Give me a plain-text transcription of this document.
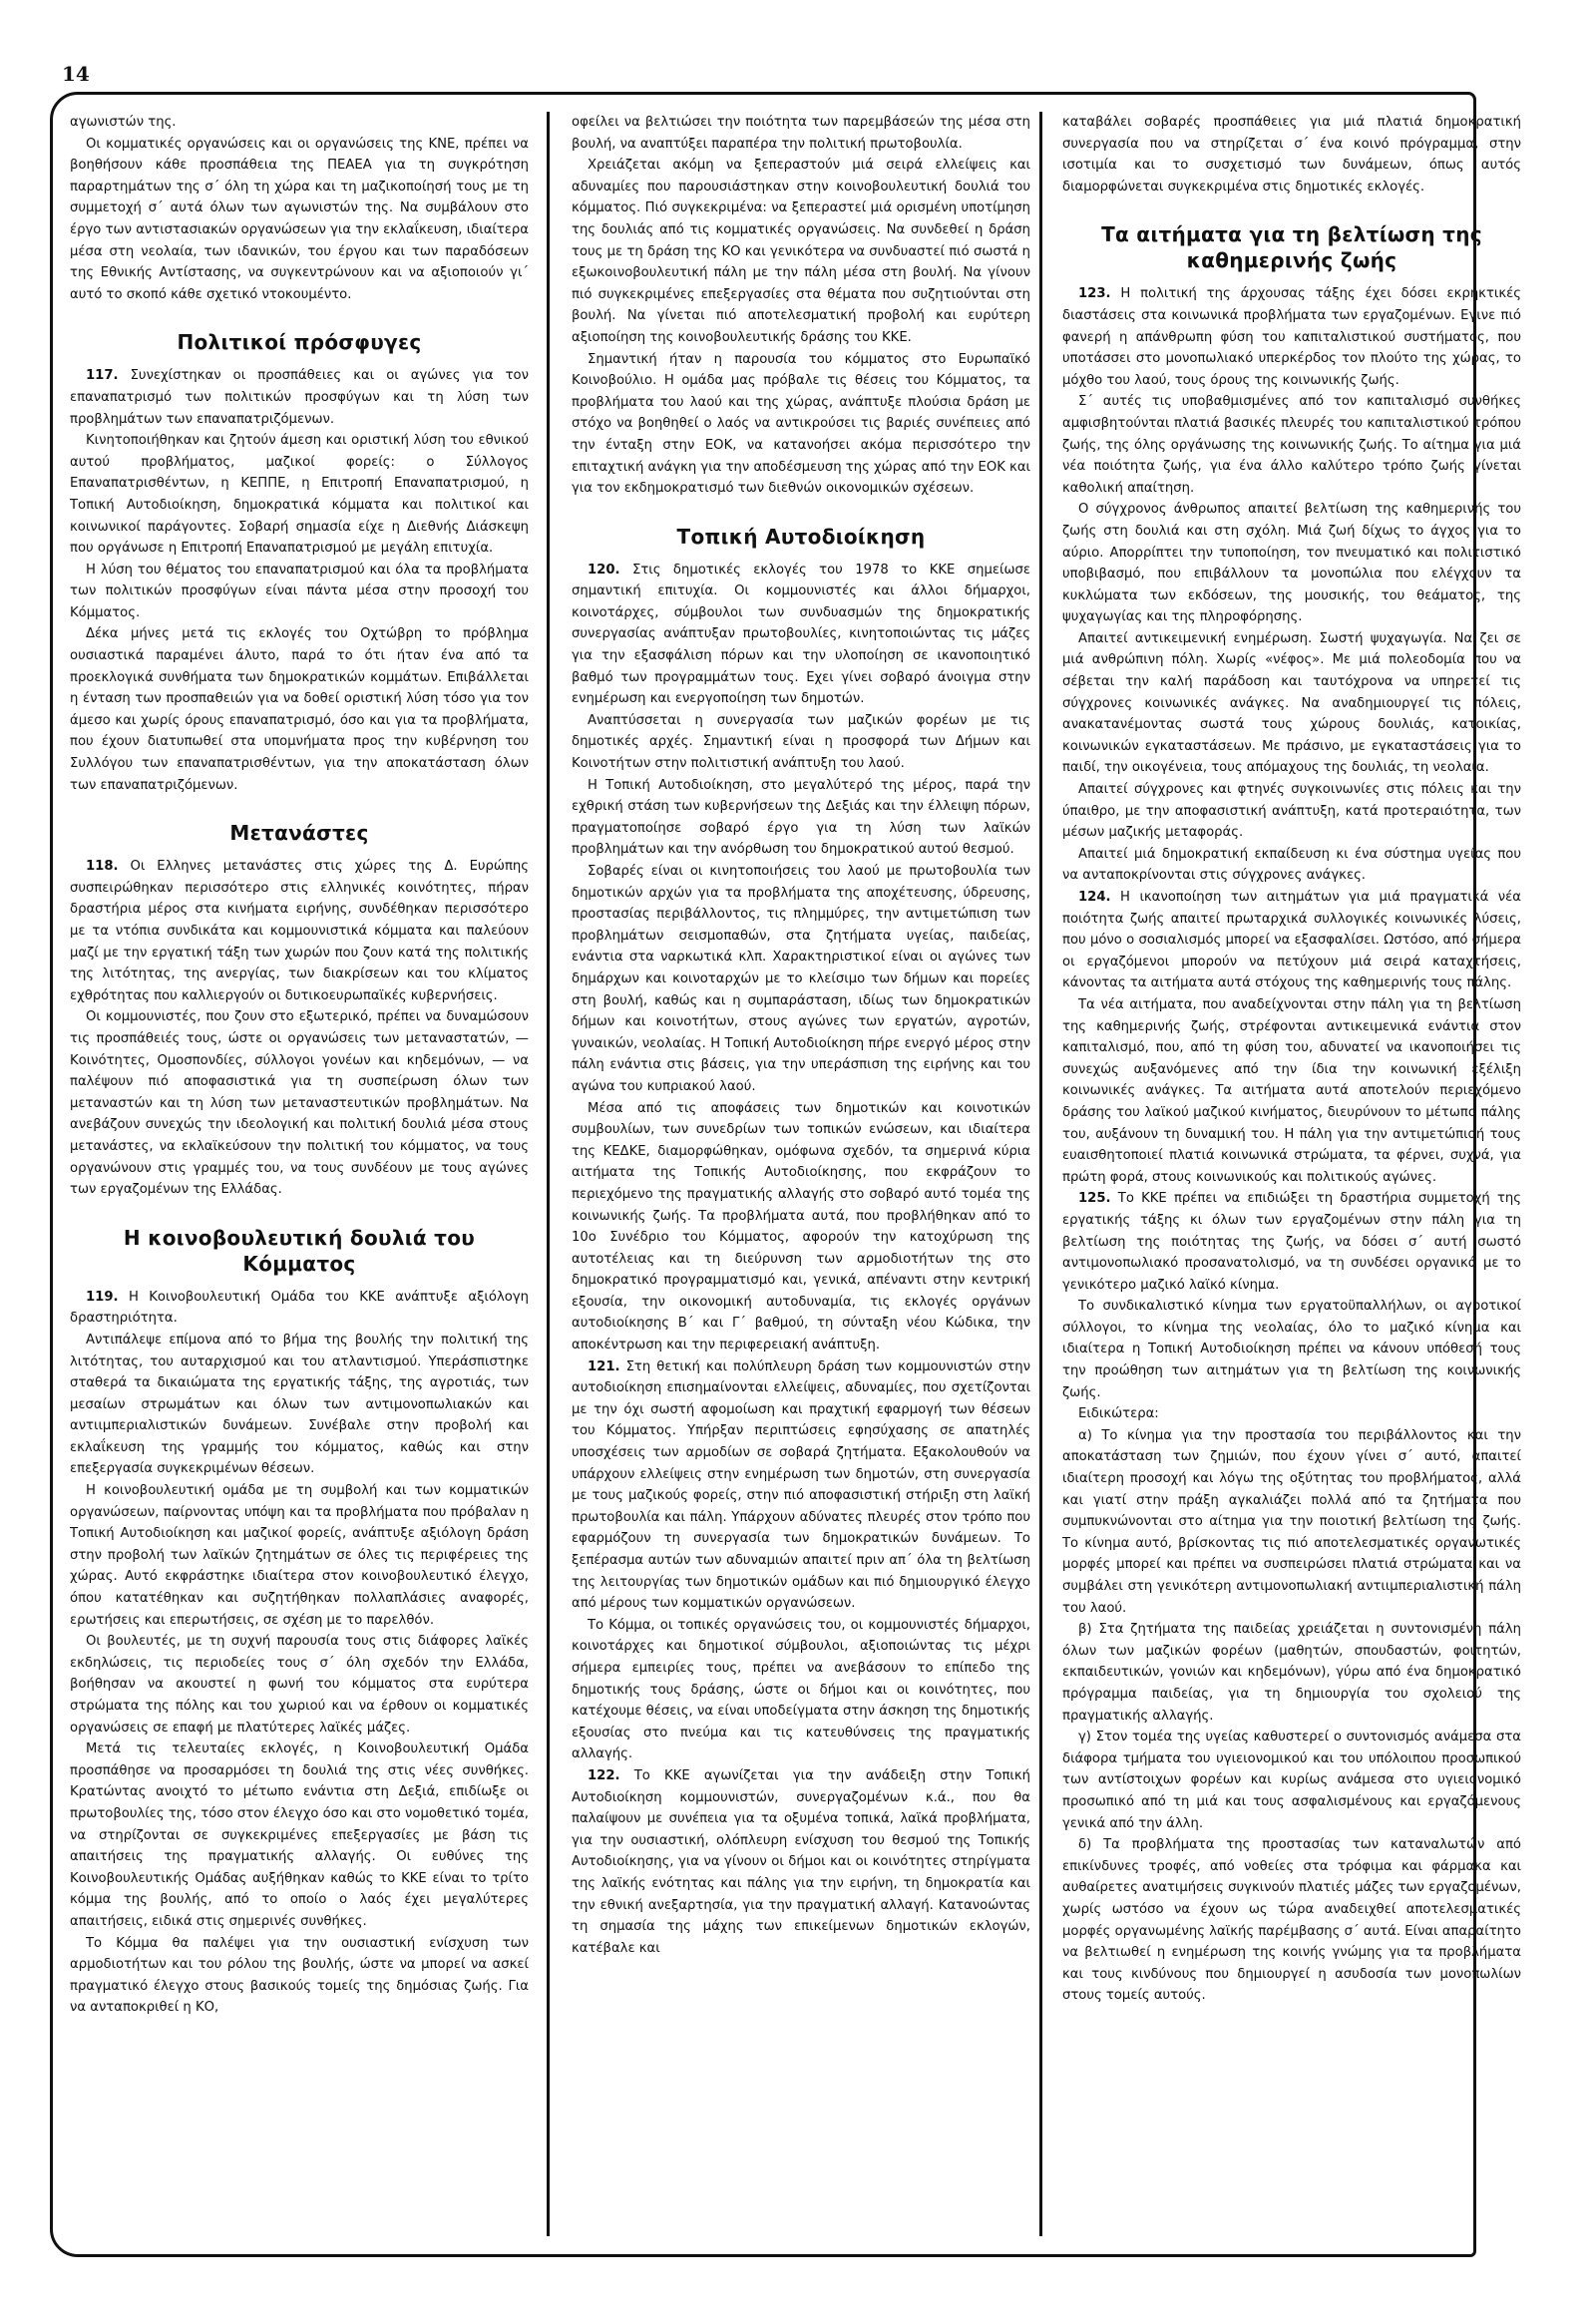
14

αγωνιστών της.

Οι κομματικές οργανώσεις και οι οργανώσεις της ΚΝΕ, πρέπει να βοηθήσουν κάθε προσπάθεια της ΠΕΑΕΑ για τη συγκρότηση παραρτημάτων της σ΄ όλη τη χώρα και τη μαζικοποίησή τους με τη συμμετοχή σ΄ αυτά όλων των αγωνιστών της. Να συμβάλουν στο έργο των αντιστασιακών οργανώσεων για την εκλαΐκευση, ιδιαίτερα μέσα στη νεολαία, των ιδανικών, του έργου και των παραδόσεων της Εθνικής Αντίστασης, να συγκεντρώνουν και να αξιοποιούν γι΄ αυτό το σκοπό κάθε σχετικό ντοκουμέντο.

Πολιτικοί πρόσφυγες

117. Συνεχίστηκαν οι προσπάθειες και οι αγώνες για τον επαναπατρισμό των πολιτικών προσφύγων και τη λύση των προβλημάτων των επαναπατριζόμενων.

Κινητοποιήθηκαν και ζητούν άμεση και οριστική λύση του εθνικού αυτού προβλήματος, μαζικοί φορείς: ο Σύλλογος Επαναπατρισθέντων, η ΚΕΠΠΕ, η Επιτροπή Επαναπατρισμού, η Τοπική Αυτοδιοίκηση, δημοκρατικά κόμματα και πολιτικοί και κοινωνικοί παράγοντες. Σοβαρή σημασία είχε η Διεθνής Διάσκεψη που οργάνωσε η Επιτροπή Επαναπατρισμού με μεγάλη επιτυχία.

Η λύση του θέματος του επαναπατρισμού και όλα τα προβλήματα των πολιτικών προσφύγων είναι πάντα μέσα στην προσοχή του Κόμματος.

Δέκα μήνες μετά τις εκλογές του Οχτώβρη το πρόβλημα ουσιαστικά παραμένει άλυτο, παρά το ότι ήταν ένα από τα προεκλογικά συνθήματα των δημοκρατικών κομμάτων. Επιβάλλεται η ένταση των προσπαθειών για να δοθεί οριστική λύση τόσο για τον άμεσο και χωρίς όρους επαναπατρισμό, όσο και για τα προβλήματα, που έχουν διατυπωθεί στα υπομνήματα προς την κυβέρνηση του Συλλόγου των επαναπατρισθέντων, για την αποκατάσταση όλων των επαναπατριζόμενων.

Μετανάστες

118. Οι Ελληνες μετανάστες στις χώρες της Δ. Ευρώπης συσπειρώθηκαν περισσότερο στις ελληνικές κοινότητες, πήραν δραστήρια μέρος στα κινήματα ειρήνης, συνδέθηκαν περισσότερο με τα ντόπια συνδικάτα και κομμουνιστικά κόμματα και παλεύουν μαζί με την εργατική τάξη των χωρών που ζουν κατά της πολιτικής της λιτότητας, της ανεργίας, των διακρίσεων και του κλίματος εχθρότητας που καλλιεργούν οι δυτικοευρωπαϊκές κυβερνήσεις.

Οι κομμουνιστές, που ζουν στο εξωτερικό, πρέπει να δυναμώσουν τις προσπάθειές τους, ώστε οι οργανώσεις των μεταναστατών, — Κοινότητες, Ομοσπονδίες, σύλλογοι γονέων και κηδεμόνων, — να παλέψουν πιό αποφασιστικά για τη συσπείρωση όλων των μεταναστών και τη λύση των μεταναστευτικών προβλημάτων. Να ανεβάζουν συνεχώς την ιδεολογική και πολιτική δουλιά μέσα στους μετανάστες, να εκλαϊκεύσουν την πολιτική του κόμματος, να τους οργανώνουν στις γραμμές του, να τους συνδέουν με τους αγώνες των εργαζομένων της Ελλάδας.

Η κοινοβουλευτική δουλιά του Κόμματος

119. Η Κοινοβουλευτική Ομάδα του ΚΚΕ ανάπτυξε αξιόλογη δραστηριότητα.

Αντιπάλεψε επίμονα από το βήμα της βουλής την πολιτική της λιτότητας, του αυταρχισμού και του ατλαντισμού. Υπεράσπιστηκε σταθερά τα δικαιώματα της εργατικής τάξης, της αγροτιάς, των μεσαίων στρωμάτων και όλων των αντιμονοπωλιακών και αντιιμπεριαλιστικών δυνάμεων. Συνέβαλε στην προβολή και εκλαΐκευση της γραμμής του κόμματος, καθώς και στην επεξεργασία συγκεκριμένων θέσεων.

Η κοινοβουλευτική ομάδα με τη συμβολή και των κομματικών οργανώσεων, παίρνοντας υπόψη και τα προβλήματα που πρόβαλαν η Τοπική Αυτοδιοίκηση και μαζικοί φορείς, ανάπτυξε αξιόλογη δράση στην προβολή των λαϊκών ζητημάτων σε όλες τις περιφέρειες της χώρας. Αυτό εκφράστηκε ιδιαίτερα στον κοινοβουλευτικό έλεγχο, όπου κατατέθηκαν και συζητήθηκαν πολλαπλάσιες αναφορές, ερωτήσεις και επερωτήσεις, σε σχέση με το παρελθόν.

Οι βουλευτές, με τη συχνή παρουσία τους στις διάφορες λαϊκές εκδηλώσεις, τις περιοδείες τους σ΄ όλη σχεδόν την Ελλάδα, βοήθησαν να ακουστεί η φωνή του κόμματος στα ευρύτερα στρώματα της πόλης και του χωριού και να έρθουν οι κομματικές οργανώσεις σε επαφή με πλατύτερες λαϊκές μάζες.

Μετά τις τελευταίες εκλογές, η Κοινοβουλευτική Ομάδα προσπάθησε να προσαρμόσει τη δουλιά της στις νέες συνθήκες. Κρατώντας ανοιχτό το μέτωπο ενάντια στη Δεξιά, επιδίωξε οι πρωτοβουλίες της, τόσο στον έλεγχο όσο και στο νομοθετικό τομέα, να στηρίζονται σε συγκεκριμένες επεξεργασίες με βάση τις απαιτήσεις της πραγματικής αλλαγής. Οι ευθύνες της Κοινοβουλευτικής Ομάδας αυξήθηκαν καθώς το ΚΚΕ είναι το τρίτο κόμμα της βουλής, από το οποίο ο λαός έχει μεγαλύτερες απαιτήσεις, ειδικά στις σημερινές συνθήκες.

Το Κόμμα θα παλέψει για την ουσιαστική ενίσχυση των αρμοδιοτήτων και του ρόλου της βουλής, ώστε να μπορεί να ασκεί πραγματικό έλεγχο στους βασικούς τομείς της δημόσιας ζωής. Για να ανταποκριθεί η ΚΟ,

οφείλει να βελτιώσει την ποιότητα των παρεμβάσεών της μέσα στη βουλή, να αναπτύξει παραπέρα την πολιτική πρωτοβουλία.

Χρειάζεται ακόμη να ξεπεραστούν μιά σειρά ελλείψεις και αδυναμίες που παρουσιάστηκαν στην κοινοβουλευτική δουλιά του κόμματος. Πιό συγκεκριμένα: να ξεπεραστεί μιά ορισμένη υποτίμηση της δουλιάς από τις κομματικές οργανώσεις. Να συνδεθεί η δράση τους με τη δράση της ΚΟ και γενικότερα να συνδυαστεί πιό σωστά η εξωκοινοβουλευτική πάλη με την πάλη μέσα στη βουλή. Να γίνουν πιό συγκεκριμένες επεξεργασίες στα θέματα που συζητιούνται στη βουλή. Να γίνεται πιό αποτελεσματική προβολή και ευρύτερη αξιοποίηση της κοινοβουλευτικής δράσης του ΚΚΕ.

Σημαντική ήταν η παρουσία του κόμματος στο Ευρωπαϊκό Κοινοβούλιο. Η ομάδα μας πρόβαλε τις θέσεις του Κόμματος, τα προβλήματα του λαού και της χώρας, ανάπτυξε πλούσια δράση με στόχο να βοηθηθεί ο λαός να αντικρούσει τις βαριές συνέπειες από την ένταξη στην ΕΟΚ, να κατανοήσει ακόμα περισσότερο την επιταχτική ανάγκη για την αποδέσμευση της χώρας από την ΕΟΚ και για τον εκδημοκρατισμό των διεθνών οικονομικών σχέσεων.

Τοπική Αυτοδιοίκηση

120. Στις δημοτικές εκλογές του 1978 το ΚΚΕ σημείωσε σημαντική επιτυχία. Οι κομμουνιστές και άλλοι δήμαρχοι, κοινοτάρχες, σύμβουλοι των συνδυασμών της δημοκρατικής συνεργασίας ανάπτυξαν πρωτοβουλίες, κινητοποιώντας τις μάζες για την εξασφάλιση πόρων και την υλοποίηση σε ικανοποιητικό βαθμό των προγραμμάτων τους. Εχει γίνει σοβαρό άνοιγμα στην ενημέρωση και ενεργοποίηση των δημοτών.

Αναπτύσσεται η συνεργασία των μαζικών φορέων με τις δημοτικές αρχές. Σημαντική είναι η προσφορά των Δήμων και Κοινοτήτων στην πολιτιστική ανάπτυξη του λαού.

Η Τοπική Αυτοδιοίκηση, στο μεγαλύτερό της μέρος, παρά την εχθρική στάση των κυβερνήσεων της Δεξιάς και την έλλειψη πόρων, πραγματοποίησε σοβαρό έργο για τη λύση των λαϊκών προβλημάτων και την ανόρθωση του δημοκρατικού αυτού θεσμού.

Σοβαρές είναι οι κινητοποιήσεις του λαού με πρωτοβουλία των δημοτικών αρχών για τα προβλήματα της αποχέτευσης, ύδρευσης, προστασίας περιβάλλοντος, τις πλημμύρες, την αντιμετώπιση των προβλημάτων σεισμοπαθών, στα ζητήματα υγείας, παιδείας, ενάντια στα ναρκωτικά κλπ. Χαρακτηριστικοί είναι οι αγώνες των δημάρχων και κοινοταρχών με το κλείσιμο των δήμων και πορείες στη βουλή, καθώς και η συμπαράσταση, ιδίως των δημοκρατικών δήμων και κοινοτήτων, στους αγώνες των εργατών, αγροτών, γυναικών, νεολαίας. Η Τοπική Αυτοδιοίκηση πήρε ενεργό μέρος στην πάλη ενάντια στις βάσεις, για την υπεράσπιση της ειρήνης και του αγώνα του κυπριακού λαού.

Μέσα από τις αποφάσεις των δημοτικών και κοινοτικών συμβουλίων, των συνεδρίων των τοπικών ενώσεων, και ιδιαίτερα της ΚΕΔΚΕ, διαμορφώθηκαν, ομόφωνα σχεδόν, τα σημερινά κύρια αιτήματα της Τοπικής Αυτοδιοίκησης, που εκφράζουν το περιεχόμενο της πραγματικής αλλαγής στο σοβαρό αυτό τομέα της κοινωνικής ζωής. Τα προβλήματα αυτά, που προβλήθηκαν από το 10ο Συνέδριο του Κόμματος, αφορούν την κατοχύρωση της αυτοτέλειας και τη διεύρυνση των αρμοδιοτήτων της στο δημοκρατικό προγραμματισμό και, γενικά, απέναντι στην κεντρική εξουσία, την οικονομική αυτοδυναμία, τις εκλογές οργάνων αυτοδιοίκησης Β΄ και Γ΄ βαθμού, τη σύνταξη νέου Κώδικα, την αποκέντρωση και την περιφερειακή ανάπτυξη.

121. Στη θετική και πολύπλευρη δράση των κομμουνιστών στην αυτοδιοίκηση επισημαίνονται ελλείψεις, αδυναμίες, που σχετίζονται με την όχι σωστή αφομοίωση και πραχτική εφαρμογή των θέσεων του Κόμματος. Υπήρξαν περιπτώσεις εφησύχασης σε απατηλές υποσχέσεις των αρμοδίων σε σοβαρά ζητήματα. Εξακολουθούν να υπάρχουν ελλείψεις στην ενημέρωση των δημοτών, στη συνεργασία με τους μαζικούς φορείς, στην πιό αποφασιστική στήριξη στη λαϊκή πρωτοβουλία και πάλη. Υπάρχουν αδύνατες πλευρές στον τρόπο που εφαρμόζουν τη συνεργασία των δημοκρατικών δυνάμεων. Το ξεπέρασμα αυτών των αδυναμιών απαιτεί πριν απ΄ όλα τη βελτίωση της λειτουργίας των δημοτικών ομάδων και πιό δημιουργικό έλεγχο από μέρους των κομματικών οργανώσεων.

Το Κόμμα, οι τοπικές οργανώσεις του, οι κομμουνιστές δήμαρχοι, κοινοτάρχες και δημοτικοί σύμβουλοι, αξιοποιώντας τις μέχρι σήμερα εμπειρίες τους, πρέπει να ανεβάσουν το επίπεδο της δημοτικής τους δράσης, ώστε οι δήμοι και οι κοινότητες, που κατέχουμε θέσεις, να είναι υποδείγματα στην άσκηση της δημοτικής εξουσίας στο πνεύμα και τις κατευθύνσεις της πραγματικής αλλαγής.

122. Το ΚΚΕ αγωνίζεται για την ανάδειξη στην Τοπική Αυτοδιοίκηση κομμουνιστών, συνεργαζομένων κ.ά., που θα παλαίψουν με συνέπεια για τα οξυμένα τοπικά, λαϊκά προβλήματα, για την ουσιαστική, ολόπλευρη ενίσχυση του θεσμού της Τοπικής Αυτοδιοίκησης, για να γίνουν οι δήμοι και οι κοινότητες στηρίγματα της λαϊκής ενότητας και πάλης για την ειρήνη, τη δημοκρατία και την εθνική ανεξαρτησία, για την πραγματική αλλαγή. Κατανοώντας τη σημασία της μάχης των επικείμενων δημοτικών εκλογών, κατέβαλε και

καταβάλει σοβαρές προσπάθειες για μιά πλατιά δημοκρατική συνεργασία που να στηρίζεται σ΄ ένα κοινό πρόγραμμα, στην ισοτιμία και το συσχετισμό των δυνάμεων, όπως αυτός διαμορφώνεται συγκεκριμένα στις δημοτικές εκλογές.

Τα αιτήματα για τη βελτίωση της καθημερινής ζωής

123. Η πολιτική της άρχουσας τάξης έχει δόσει εκρηκτικές διαστάσεις στα κοινωνικά προβλήματα των εργαζομένων. Εγινε πιό φανερή η απάνθρωπη φύση του καπιταλιστικού συστήματος, που υποτάσσει στο μονοπωλιακό υπερκέρδος τον πλούτο της χώρας, το μόχθο του λαού, τους όρους της κοινωνικής ζωής.

Σ΄ αυτές τις υποβαθμισμένες από τον καπιταλισμό συνθήκες αμφισβητούνται πλατιά βασικές πλευρές του καπιταλιστικού τρόπου ζωής, της όλης οργάνωσης της κοινωνικής ζωής. Το αίτημα για μιά νέα ποιότητα ζωής, για ένα άλλο καλύτερο τρόπο ζωής γίνεται καθολική απαίτηση.

Ο σύγχρονος άνθρωπος απαιτεί βελτίωση της καθημερινής του ζωής στη δουλιά και στη σχόλη. Μιά ζωή δίχως το άγχος για το αύριο. Απορρίπτει την τυποποίηση, τον πνευματικό και πολιτιστικό υποβιβασμό, που επιβάλλουν τα μονοπώλια που ελέγχουν τα κυκλώματα των εκδόσεων, της μουσικής, του θεάματος, της ψυχαγωγίας και της πληροφόρησης.

Απαιτεί αντικειμενική ενημέρωση. Σωστή ψυχαγωγία. Να ζει σε μιά ανθρώπινη πόλη. Χωρίς «νέφος». Με μιά πολεοδομία που να σέβεται την καλή παράδοση και ταυτόχρονα να υπηρετεί τις σύγχρονες κοινωνικές ανάγκες. Να αναδημιουργεί τις πόλεις, ανακατανέμοντας σωστά τους χώρους δουλιάς, κατοικίας, κοινωνικών εγκαταστάσεων. Με πράσινο, με εγκαταστάσεις για το παιδί, την οικογένεια, τους απόμαχους της δουλιάς, τη νεολαία.

Απαιτεί σύγχρονες και φτηνές συγκοινωνίες στις πόλεις και την ύπαιθρο, με την αποφασιστική ανάπτυξη, κατά προτεραιότητα, των μέσων μαζικής μεταφοράς.

Απαιτεί μιά δημοκρατική εκπαίδευση κι ένα σύστημα υγείας που να ανταποκρίνονται στις σύγχρονες ανάγκες.

124. Η ικανοποίηση των αιτημάτων για μιά πραγματικά νέα ποιότητα ζωής απαιτεί πρωταρχικά συλλογικές κοινωνικές λύσεις, που μόνο ο σοσιαλισμός μπορεί να εξασφαλίσει. Ωστόσο, από σήμερα οι εργαζόμενοι μπορούν να πετύχουν μιά σειρά καταχτήσεις, κάνοντας τα αιτήματα αυτά στόχους της καθημερινής τους πάλης.

Τα νέα αιτήματα, που αναδείχνονται στην πάλη για τη βελτίωση της καθημερινής ζωής, στρέφονται αντικειμενικά ενάντια στον καπιταλισμό, που, από τη φύση του, αδυνατεί να ικανοποιήσει τις συνεχώς αυξανόμενες από την ίδια την κοινωνική εξέλιξη κοινωνικές ανάγκες. Τα αιτήματα αυτά αποτελούν περιεχόμενο δράσης του λαϊκού μαζικού κινήματος, διευρύνουν το μέτωπο πάλης του, αυξάνουν τη δυναμική του. Η πάλη για την αντιμετώπισή τους ευαισθητοποιεί πλατιά κοινωνικά στρώματα, τα φέρνει, συχνά, για πρώτη φορά, στους κοινωνικούς και πολιτικούς αγώνες.

125. Το ΚΚΕ πρέπει να επιδιώξει τη δραστήρια συμμετοχή της εργατικής τάξης κι όλων των εργαζομένων στην πάλη για τη βελτίωση της ποιότητας της ζωής, να δόσει σ΄ αυτή σωστό αντιμονοπωλιακό προσανατολισμό, να τη συνδέσει οργανικά με το γενικότερο μαζικό λαϊκό κίνημα.

Το συνδικαλιστικό κίνημα των εργατοϋπαλλήλων, οι αγροτικοί σύλλογοι, το κίνημα της νεολαίας, όλο το μαζικό κίνημα και ιδιαίτερα η Τοπική Αυτοδιοίκηση πρέπει να κάνουν υπόθεσή τους την προώθηση των αιτημάτων για τη βελτίωση της κοινωνικής ζωής.

Ειδικώτερα:

α) Το κίνημα για την προστασία του περιβάλλοντος και την αποκατάσταση των ζημιών, που έχουν γίνει σ΄ αυτό, απαιτεί ιδιαίτερη προσοχή και λόγω της οξύτητας του προβλήματος, αλλά και γιατί στην πράξη αγκαλιάζει πολλά από τα ζητήματα που συμπυκνώνονται στο αίτημα για την ποιοτική βελτίωση της ζωής. Το κίνημα αυτό, βρίσκοντας τις πιό αποτελεσματικές οργανωτικές μορφές μπορεί και πρέπει να συσπειρώσει πλατιά στρώματα και να συμβάλει στη γενικότερη αντιμονοπωλιακή αντιιμπεριαλιστική πάλη του λαού.

β) Στα ζητήματα της παιδείας χρειάζεται η συντονισμένη πάλη όλων των μαζικών φορέων (μαθητών, σπουδαστών, φοιτητών, εκπαιδευτικών, γονιών και κηδεμόνων), γύρω από ένα δημοκρατικό πρόγραμμα παιδείας, για τη δημιουργία του σχολειού της πραγματικής αλλαγής.

γ) Στον τομέα της υγείας καθυστερεί ο συντονισμός ανάμεσα στα διάφορα τμήματα του υγιειονομικού και του υπόλοιπου προσωπικού των αντίστοιχων φορέων και κυρίως ανάμεσα στο υγιειονομικό προσωπικό από τη μιά και τους ασφαλισμένους και εργαζόμενους γενικά από την άλλη.

δ) Τα προβλήματα της προστασίας των καταναλωτών από επικίνδυνες τροφές, από νοθείες στα τρόφιμα και φάρμακα και αυθαίρετες ανατιμήσεις συγκινούν πλατιές μάζες των εργαζομένων, χωρίς ωστόσο να έχουν ως τώρα αναδειχθεί αποτελεσματικές μορφές οργανωμένης λαϊκής παρέμβασης σ΄ αυτά. Είναι απαραίτητο να βελτιωθεί η ενημέρωση της κοινής γνώμης για τα προβλήματα και τους κινδύνους που δημιουργεί η ασυδοσία των μονοπωλίων στους τομείς αυτούς.
